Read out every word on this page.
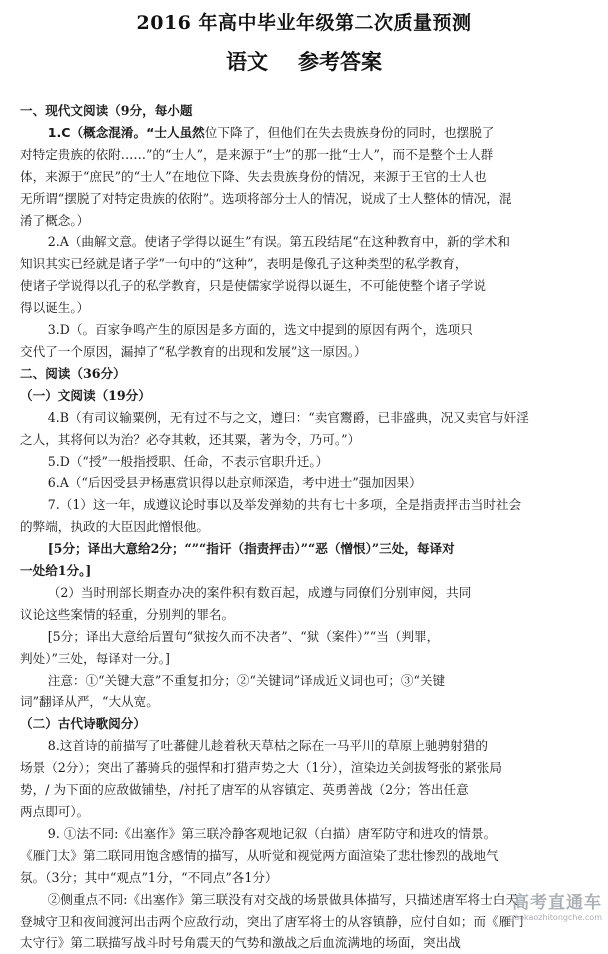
2016 年高中毕业年级第二次质量预测
语文 参考答案

一、现代文阅读（9分，每小题

1.C（概念混淆。“士人虽然位下降了，但他们在失去贵族身份的同时，也摆脱了

对特定贵族的依附……”的“士人”，是来源于“士”的那一批“士人”，而不是整个士人群

体，来源于“庶民”的“士人”在地位下降、失去贵族身份的情况，来源于王官的士人也

无所谓“摆脱了对特定贵族的依附”。选项将部分士人的情况，说成了士人整体的情况，混

淆了概念。）

2.A（曲解文意。使诸子学得以诞生”有误。第五段结尾“在这种教育中，新的学术和

知识其实已经就是诸子学”一句中的“这种”，表明是像孔子这种类型的私学教育，

使诸子学说得以孔子的私学教育，只是使儒家学说得以诞生，不可能使整个诸子学说

得以诞生。）

3.D（。百家争鸣产生的原因是多方面的，选文中提到的原因有两个，选项只

交代了一个原因，漏掉了“私学教育的出现和发展”这一原因。）

二、阅读（36分）

（一）文阅读（19分）

4.B（有司议输粟例，无有过不与之文，遵曰：“卖官鬻爵，已非盛典，况又卖官与奸淫

之人，其将何以为治？必夺其敕，还其粟，著为令，乃可。”）

5.D（“授”一般指授职、任命，不表示官职升迁。）

6.A（“后因受县尹杨惠赏识得以赴京师深造，考中进士”强加因果）

7.（1）这一年，成遵议论时事以及举发弹劾的共有七十多项，全是指责抨击当时社会

的弊端，执政的大臣因此憎恨他。

[5分；译出大意给2分；“”“指讦（指责抨击）”“恶（憎恨）”三处，每译对

一处给1分。]

（2）当时刑部长期查办决的案件积有数百起，成遵与同僚们分别审阅，共同

议论这些案情的轻重，分别判的罪名。

[5分；译出大意给后置句“狱按久而不决者”、“狱（案件）”“当（判罪，

判处）”三处，每译对一分。]

注意：①“关键大意”不重复扣分；②“关键词”译成近义词也可；③“关键

词”翻译从严，“大从宽。

（二）古代诗歌阅分）

8.这首诗的前描写了吐蕃健儿趁着秋天草枯之际在一马平川的草原上驰骋射猎的

场景（2分）；突出了蕃骑兵的强悍和打猎声势之大（1分），渲染边关剑拔弩张的紧张局

势，/ 为下面的应敌做铺垫，/衬托了唐军的从容镇定、英勇善战（2分；答出任意

两点即可）。

9. ①法不同:《出塞作》第三联冷静客观地记叙（白描）唐军防守和进攻的情景。

《雁门太》第二联同用饱含感情的描写，从听觉和视觉两方面渲染了悲壮惨烈的战地气

氛。（3分；其中“观点”1分，“不同点”各1分）

②侧重点不同:《出塞作》第三联没有对交战的场景做具体描写，只描述唐军将士白天

登城守卫和夜间渡河出击两个应敌行动，突出了唐军将士的从容镇静，应付自如；而《雁门

太守行》第二联描写战斗时号角震天的气势和激战之后血流满地的场面，突出战

高考直通车
gaokaozhitongche.com
